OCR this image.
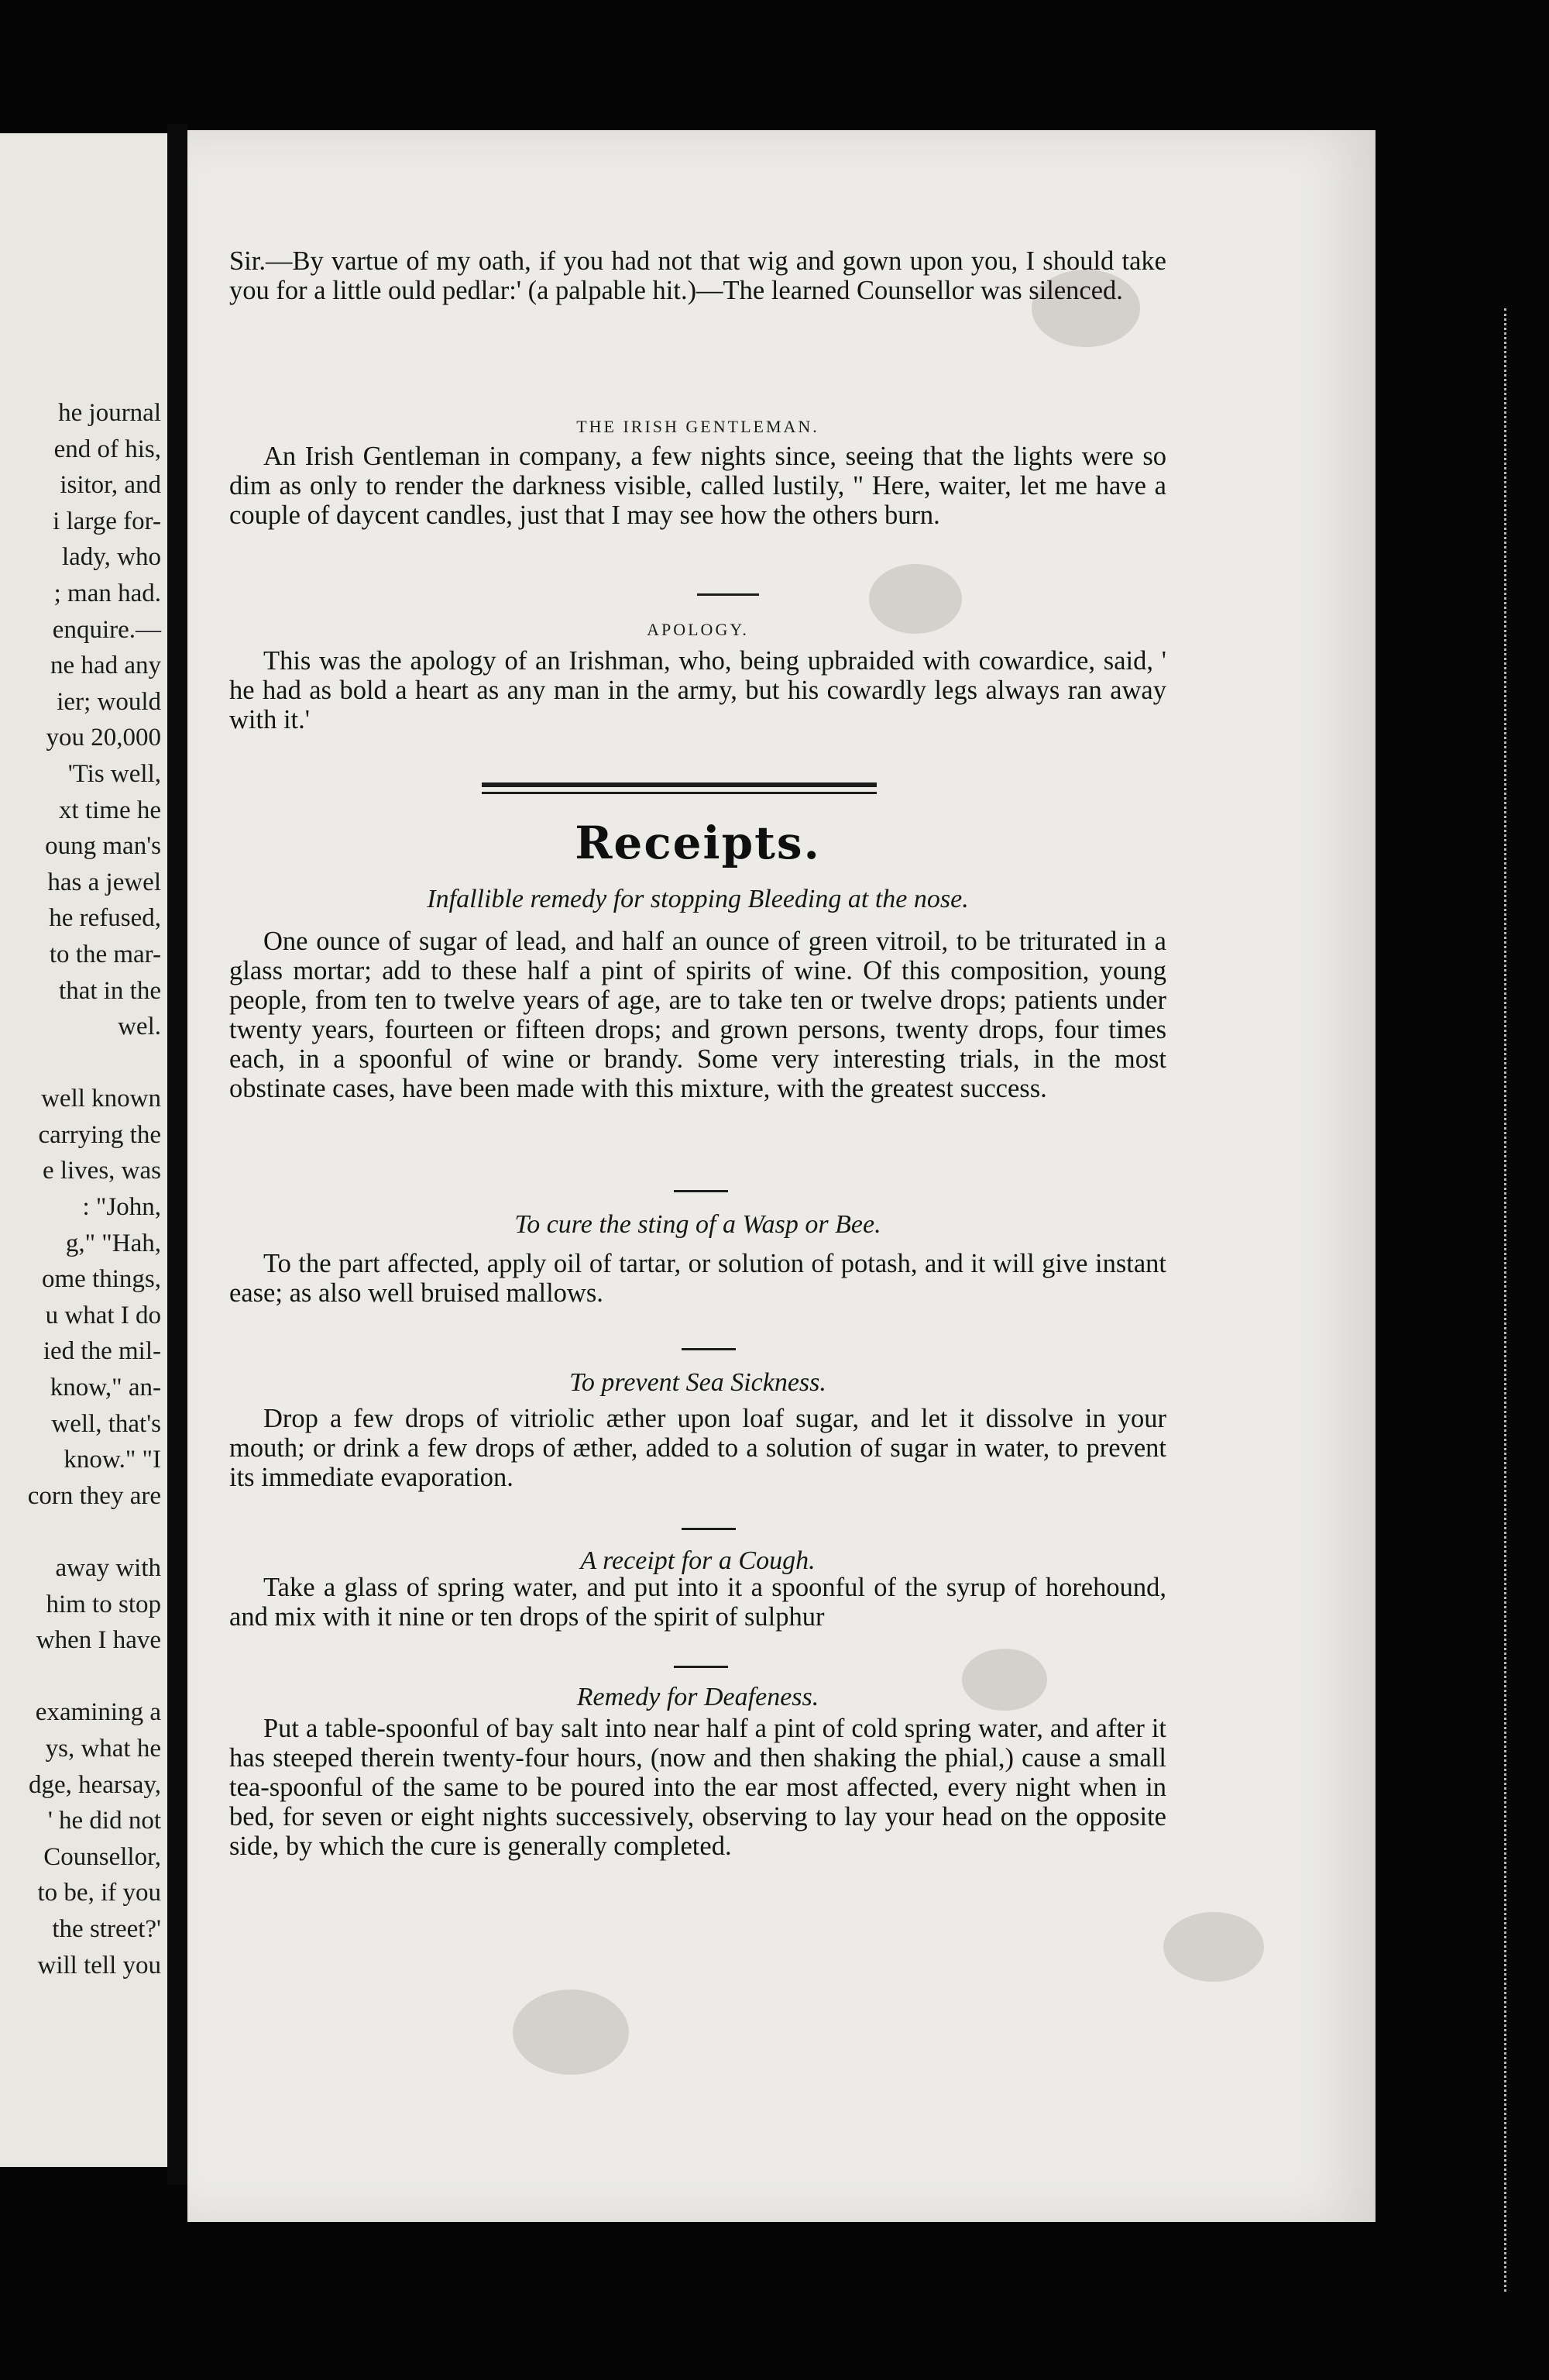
he journal
end of his,
isitor, and
i large for-
lady, who
; man had.
enquire.—
ne had any
ier; would
you 20,000
'Tis well,
xt time he
oung man's
has a jewel
he refused,
to the mar-
that in the
wel.
well known
carrying the
e lives, was
: "John,
g," "Hah,
ome things,
u what I do
ied the mil-
know," an-
well, that's
know." "I
corn they are
away with
him to stop
when I have
examining a
ys, what he
dge, hearsay,
' he did not
Counsellor,
to be, if you
the street?'
will tell you

Sir.—By vartue of my oath, if you had not that wig and gown upon you, I should take you for a little ould pedlar:' (a palpable hit.)—The learned Counsellor was silenced.

THE IRISH GENTLEMAN.

An Irish Gentleman in company, a few nights since, seeing that the lights were so dim as only to render the darkness visible, called lustily, " Here, waiter, let me have a couple of daycent candles, just that I may see how the others burn.

APOLOGY.

This was the apology of an Irishman, who, being upbraided with cowardice, said, ' he had as bold a heart as any man in the army, but his cowardly legs always ran away with it.'

Receipts.
Infallible remedy for stopping Bleeding at the nose.

One ounce of sugar of lead, and half an ounce of green vitroil, to be triturated in a glass mortar; add to these half a pint of spirits of wine. Of this composition, young people, from ten to twelve years of age, are to take ten or twelve drops; patients under twenty years, fourteen or fifteen drops; and grown persons, twenty drops, four times each, in a spoonful of wine or brandy. Some very interesting trials, in the most obstinate cases, have been made with this mixture, with the greatest success.

To cure the sting of a Wasp or Bee.

To the part affected, apply oil of tartar, or solution of potash, and it will give instant ease; as also well bruised mallows.

To prevent Sea Sickness.

Drop a few drops of vitriolic æther upon loaf sugar, and let it dissolve in your mouth; or drink a few drops of æther, added to a solution of sugar in water, to prevent its immediate evaporation.

A receipt for a Cough.

Take a glass of spring water, and put into it a spoonful of the syrup of horehound, and mix with it nine or ten drops of the spirit of sulphur

Remedy for Deafeness.

Put a table-spoonful of bay salt into near half a pint of cold spring water, and after it has steeped therein twenty-four hours, (now and then shaking the phial,) cause a small tea-spoonful of the same to be poured into the ear most affected, every night when in bed, for seven or eight nights successively, observing to lay your head on the opposite side, by which the cure is generally completed.
